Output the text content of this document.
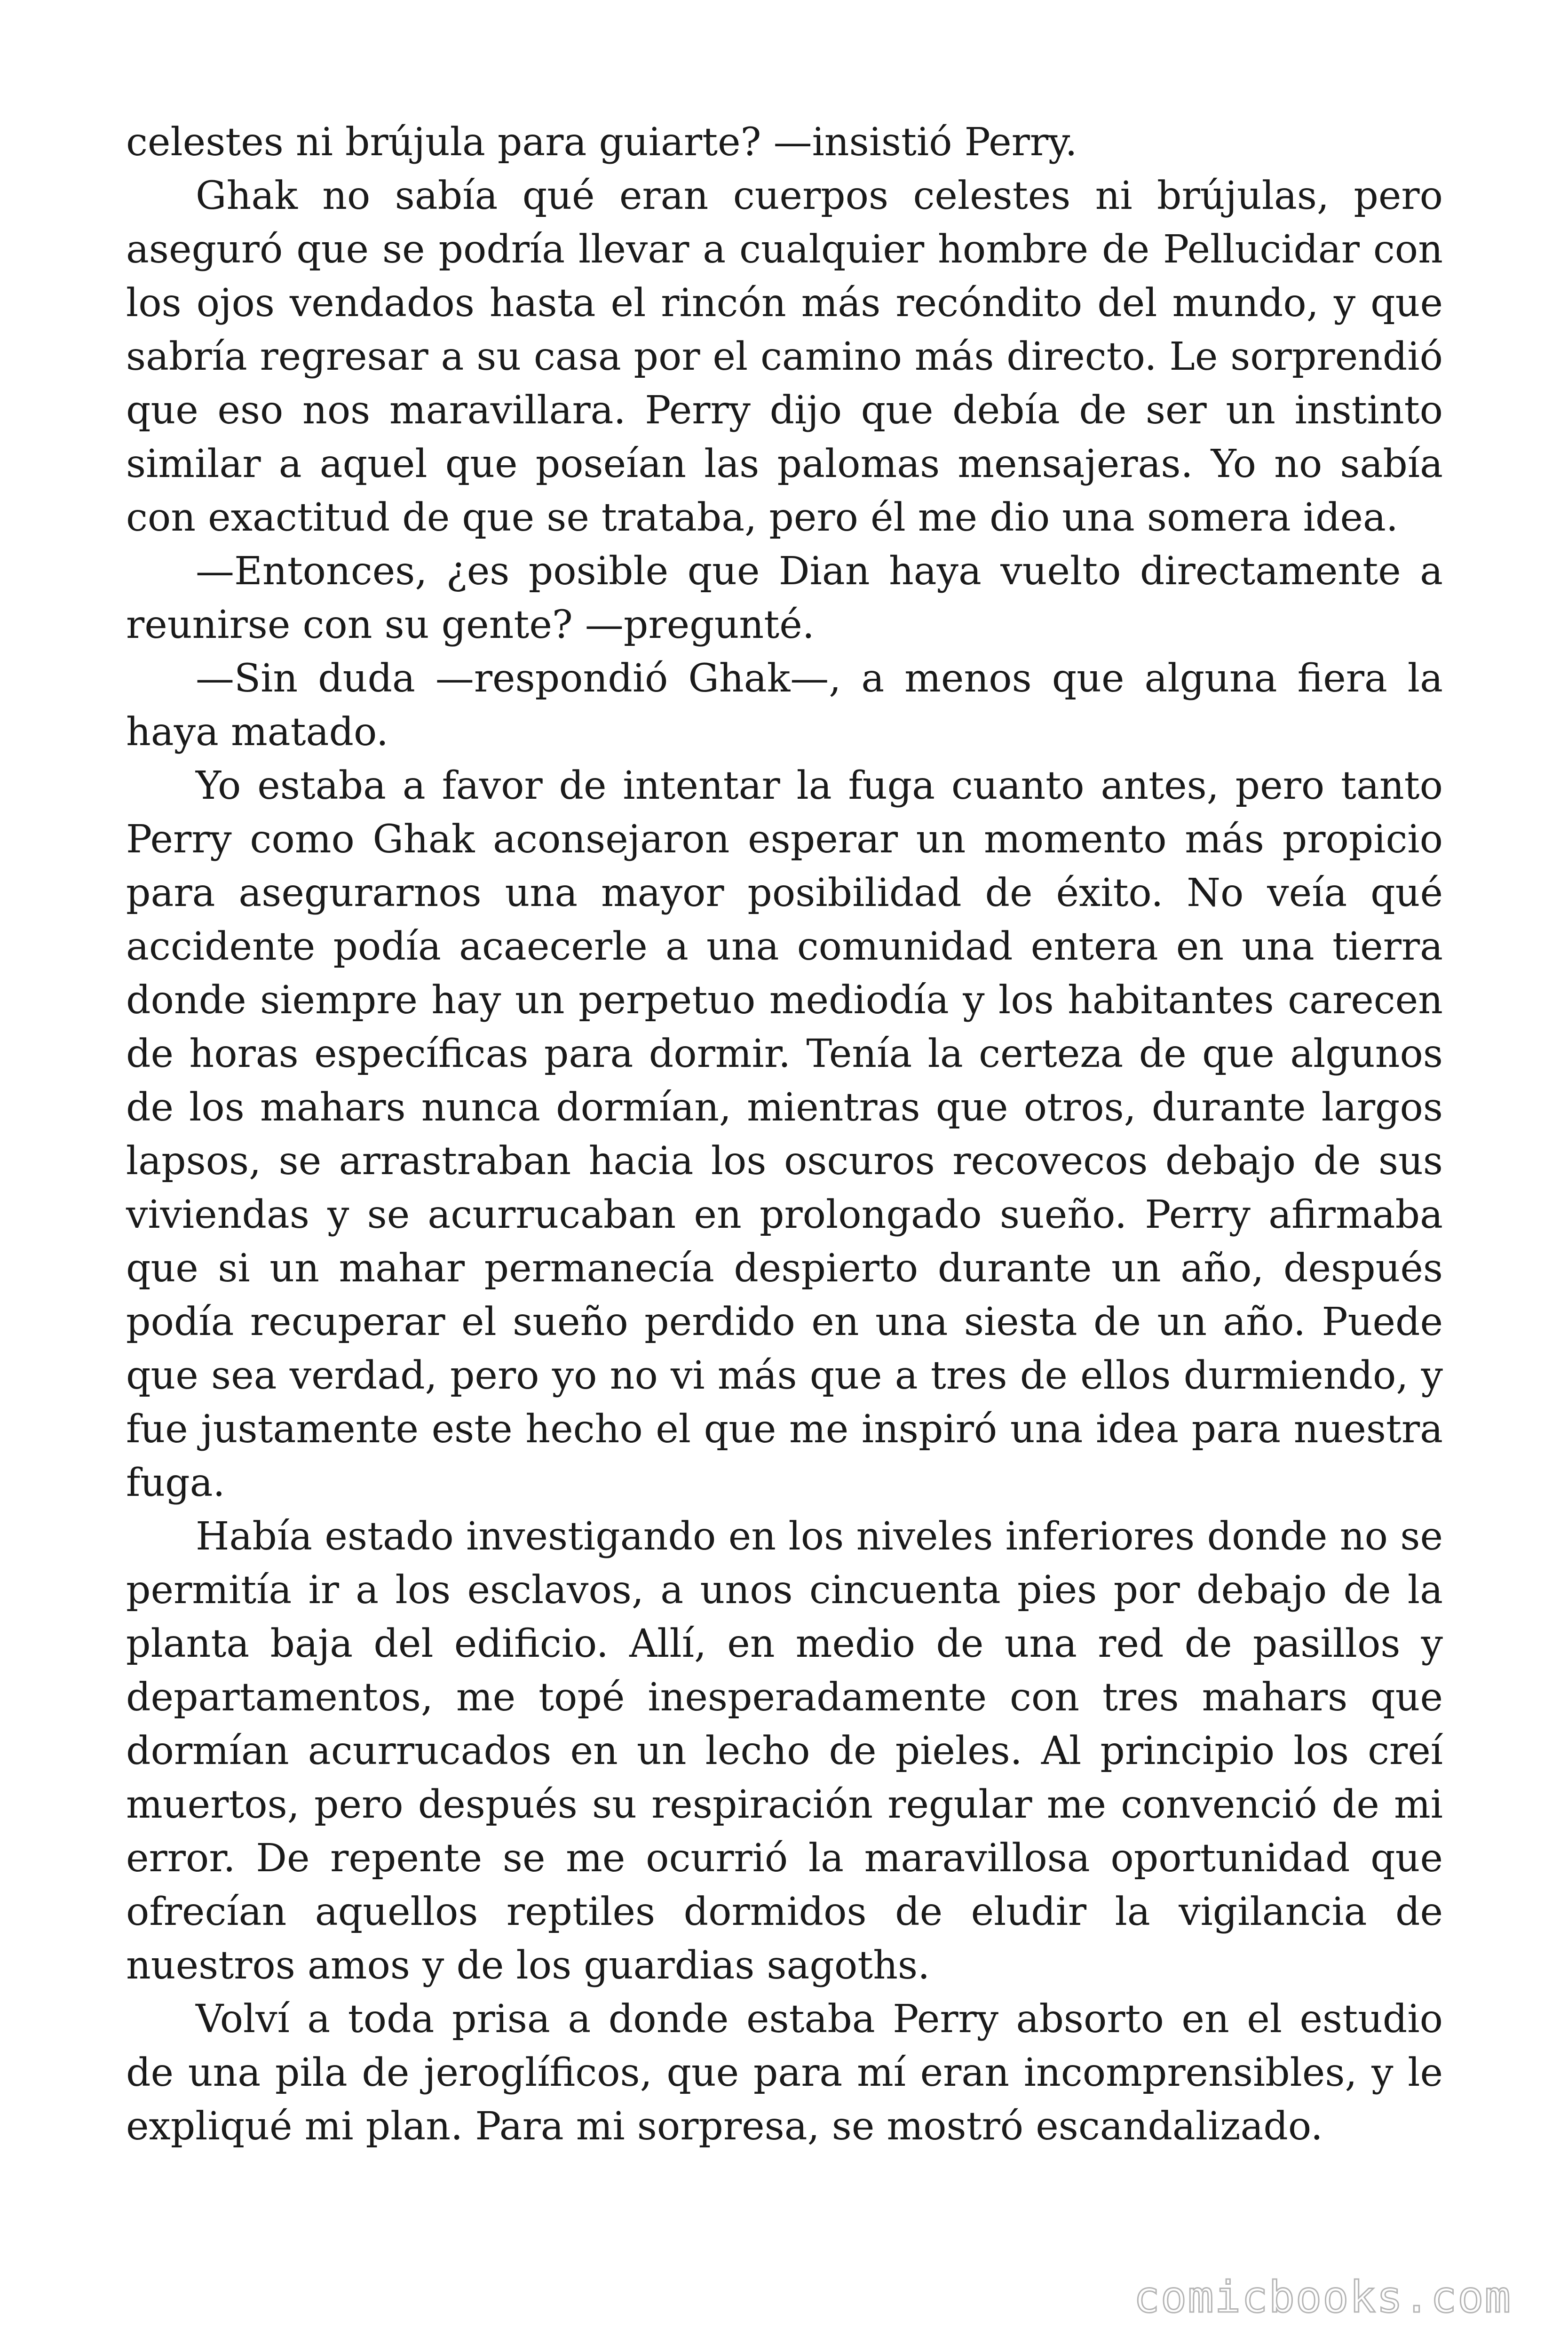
celestes ni brújula para guiarte? —insistió Perry.

Ghak no sabía qué eran cuerpos celestes ni brújulas, pero aseguró que se podría llevar a cualquier hombre de Pellucidar con los ojos vendados hasta el rincón más recóndito del mundo, y que sabría regresar a su casa por el camino más directo. Le sorprendió que eso nos maravillara. Perry dijo que debía de ser un instinto similar a aquel que poseían las palomas mensajeras. Yo no sabía con exactitud de que se trataba, pero él me dio una somera idea.

—Entonces, ¿es posible que Dian haya vuelto directamente a reunirse con su gente? —pregunté.

—Sin duda —respondió Ghak—, a menos que alguna fiera la haya matado.

Yo estaba a favor de intentar la fuga cuanto antes, pero tanto Perry como Ghak aconsejaron esperar un momento más propicio para asegurarnos una mayor posibilidad de éxito. No veía qué accidente podía acaecerle a una comunidad entera en una tierra donde siempre hay un perpetuo mediodía y los habitantes carecen de horas específicas para dormir. Tenía la certeza de que algunos de los mahars nunca dormían, mientras que otros, durante largos lapsos, se arrastraban hacia los oscuros recovecos debajo de sus viviendas y se acurrucaban en prolongado sueño. Perry afirmaba que si un mahar permanecía despierto durante un año, después podía recuperar el sueño perdido en una siesta de un año. Puede que sea verdad, pero yo no vi más que a tres de ellos durmiendo, y fue justamente este hecho el que me inspiró una idea para nuestra fuga.

Había estado investigando en los niveles inferiores donde no se permitía ir a los esclavos, a unos cincuenta pies por debajo de la planta baja del edificio. Allí, en medio de una red de pasillos y departamentos, me topé inesperadamente con tres mahars que dormían acurrucados en un lecho de pieles. Al principio los creí muertos, pero después su respiración regular me convenció de mi error. De repente se me ocurrió la maravillosa oportunidad que ofrecían aquellos reptiles dormidos de eludir la vigilancia de nuestros amos y de los guardias sagoths.

Volví a toda prisa a donde estaba Perry absorto en el estudio de una pila de jeroglíficos, que para mí eran incomprensibles, y le expliqué mi plan. Para mi sorpresa, se mostró escandalizado.

comicbooks.com
